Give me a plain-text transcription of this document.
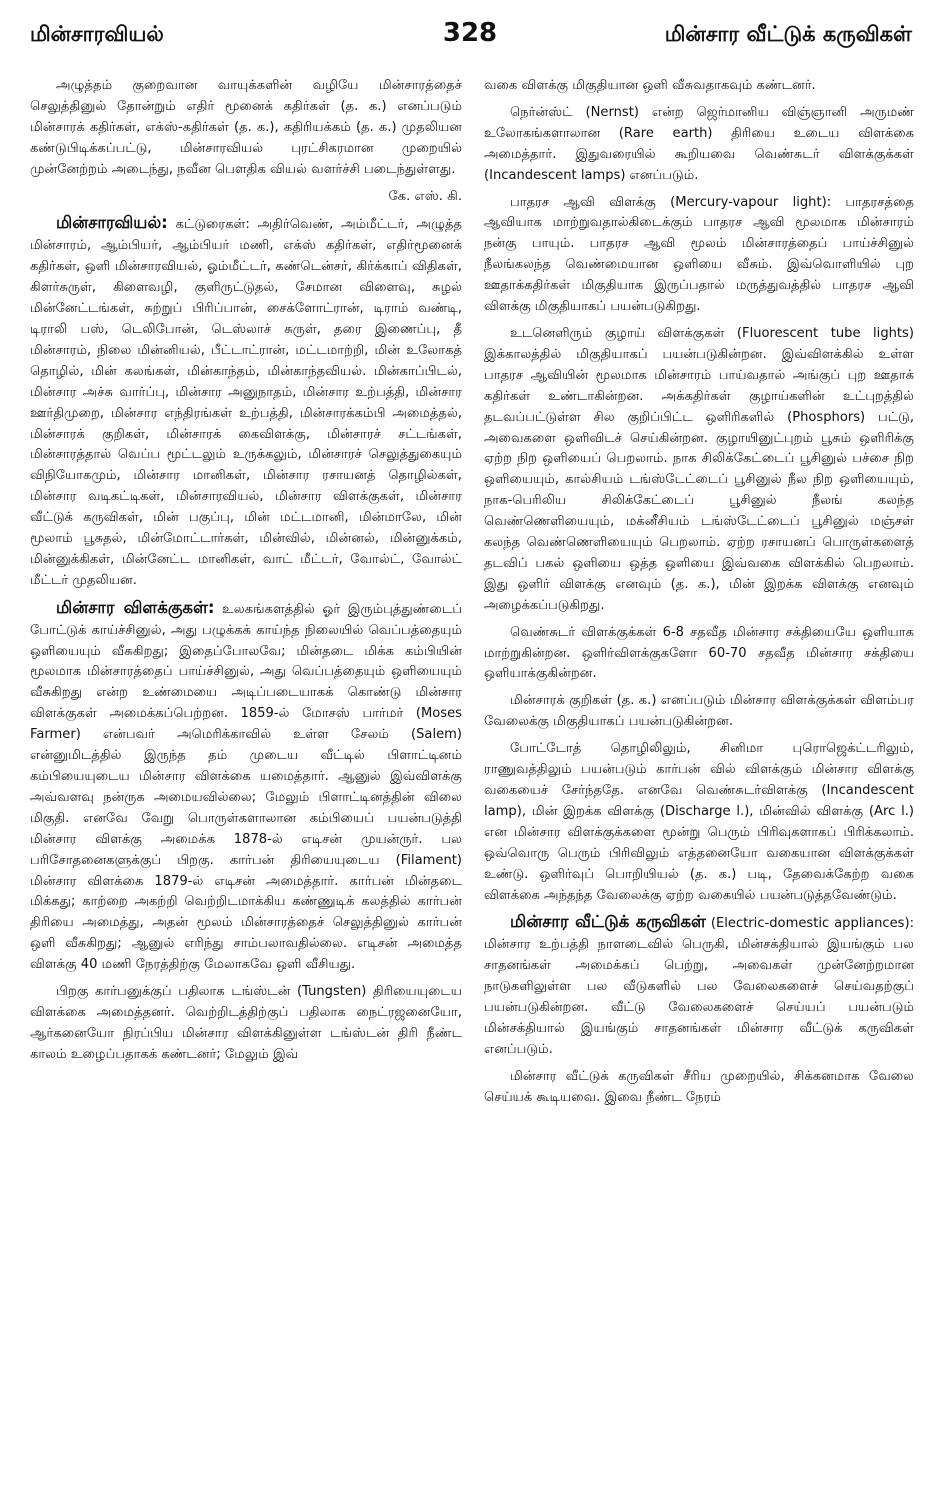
மின்சாரவியல்	328	மின்சார வீட்டுக் கருவிகள்

அழுத்தம் குறைவான வாயுக்களின் வழியே மின்சாரத்தைச் செலுத்தினுல் தோன்றும் எதிர் மூனைக் கதிர்கள் (த. க.) எனப்படும் மின்சாரக் கதிர்கள், எக்ஸ்-கதிர்கள் (த. க.), கதிரியக்கம் (த. க.) முதலியன கண்டுபிடிக்கப்பட்டு, மின்சாரவியல் புரட்சிகரமான முறையில் முன்னேற்றம் அடைந்து, நவீன பௌதிக வியல் வளர்ச்சி படைந்துள்ளது.

கே. எஸ். கி.

மின்சாரவியல்: கட்டுரைகள்: அதிர்வெண், அம்மீட்டர், அழுத்த மின்சாரம், ஆம்பியர், ஆம்பியர் மணி, எக்ஸ் கதிர்கள், எதிர்மூனைக் கதிர்கள், ஒளி மின்சாரவியல், ஓம்மீட்டர், கண்டென்சர், கிர்க்காப் விதிகள், கிளர்சுருள், கிளைவழி, குளிருட்டுதல், சேமான விளைவு, சுழல் மின்னேட்டங்கள், சுற்றுப் பிரிப்பான், சைக்ளோட்ரான், டிராம் வண்டி, டிராலி பஸ், டெலிபோன், டெஸ்லாச் சுருள், தரை இணைப்பு, தீ மின்சாரம், நிலை மின்னியல், பீட்டாட்ரான், மட்டமாற்றி, மின் உலோகத் தொழில், மின் கலங்கள், மின்காந்தம், மின்காந்தவியல். மின்காப்பிடல், மின்சார அச்சு வார்ப்பு, மின்சார அனுநாதம், மின்சார உற்பத்தி, மின்சார ஊர்திமுறை, மின்சார எந்திரங்கள் உற்பத்தி, மின்சாரக்கம்பி அமைத்தல், மின்சாரக் குறிகள், மின்சாரக் கைவிளக்கு, மின்சாரச் சட்டங்கள், மின்சாரத்தால் வெப்ப மூட்டலும் உருக்கலும், மின்சாரச் செலுத்துகையும் விநியோகமும், மின்சார மானிகள், மின்சார ரசாயனத் தொழில்கள், மின்சார வடிகட்டிகள், மின்சாரவியல், மின்சார விளக்குகள், மின்சார வீட்டுக் கருவிகள், மின் பகுப்பு, மின் மட்டமானி, மின்மாலே, மின் மூலாம் பூசுதல், மின்மோட்டார்கள், மின்வில், மின்னல், மின்னுக்கம், மின்னுக்கிகள், மின்னேட்ட மானிகள், வாட் மீட்டர், வோல்ட், வோல்ட் மீட்டர் முதலியன.

மின்சார விளக்குகள்: உலகங்களத்தில் ஓர் இரும்புத்துண்டைப் போட்டுக் காய்ச்சினுல், அது பழுக்கக் காய்ந்த நிலையில் வெப்பத்தையும் ஒளியையும் வீசுகிறது; இதைப்போலவே; மின்தடை மிக்க கம்பியின் மூலமாக மின்சாரத்தைப் பாய்ச்சினுல், அது வெப்பத்தையும் ஒளியையும் வீசுகிறது என்ற உண்மையை அடிப்படையாகக் கொண்டு மின்சார விளக்குகள் அமைக்கப்பெற்றன. 1859-ல் மோசஸ் பார்மர் (Moses Farmer) என்பவர் அமெரிக்காவில் உள்ள சேலம் (Salem) என்னுமிடத்தில் இருந்த தம் முடைய வீட்டில் பிளாட்டினம் கம்பியையுடைய மின்சார விளக்கை யமைத்தார். ஆனுல் இவ்விளக்கு அவ்வளவு நன்ருக அமையவில்லை; மேலும் பிளாட்டினத்தின் விலை மிகுதி. எனவே வேறு பொருள்களாலான கம்பியைப் பயன்படுத்தி மின்சார விளக்கு அமைக்க 1878-ல் எடிசன் முயன்ருர். பல பரிசோதனைகளுக்குப் பிறகு. கார்பன் திரியையுடைய (Filament) மின்சார விளக்கை 1879-ல் எடிசன் அமைத்தார். கார்பன் மின்தடை மிக்கது; காற்றை அகற்றி வெற்றிடமாக்கிய கண்ணுடிக் கலத்தில் கார்பன் திரியை அமைத்து, அதன் மூலம் மின்சாரத்தைச் செலுத்தினுல் கார்பன் ஒளி வீசுகிறது; ஆனுல் எரிந்து சாம்பலாவதில்லை. எடிசன் அமைத்த விளக்கு 40 மணி நேரத்திற்கு மேலாகவே ஒளி வீசியது.

பிறகு கார்பனுக்குப் பதிலாக டங்ஸ்டன் (Tungsten) திரியையுடைய விளக்கை அமைத்தனர். வெற்றிடத்திற்குப் பதிலாக நைட்ரஜனையோ, ஆர்கனையோ நிரப்பிய மின்சார விளக்கினுள்ள டங்ஸ்டன் திரி நீண்ட காலம் உழைப்பதாகக் கண்டனர்; மேலும் இவ்

வகை விளக்கு மிகுதியான ஒளி வீசுவதாகவும் கண்டனர்.

நெர்ன்ஸ்ட் (Nernst) என்ற ஜெர்மானிய விஞ்ஞானி அருமண் உலோகங்களாலான (Rare earth) திரியை உடைய விளக்கை அமைத்தார். இதுவரையில் கூறியவை வெண்சுடர் விளக்குக்கள் (Incandescent lamps) எனப்படும்.

பாதரச ஆவி விளக்கு (Mercury-vapour light): பாதரசத்தை ஆவியாக மாற்றுவதால்கிடைக்கும் பாதரச ஆவி மூலமாக மின்சாரம் நன்கு பாயும். பாதரச ஆவி மூலம் மின்சாரத்தைப் பாய்ச்சினுல் நீலங்கலந்த வெண்மையான ஒளியை வீசும். இவ்வொளியில் புற ஊதாக்கதிர்கள் மிகுதியாக இருப்பதால் மருத்துவத்தில் பாதரச ஆவி விளக்கு மிகுதியாகப் பயன்படுகிறது.

உடனெளிரும் குழாய் விளக்குகள் (Fluorescent tube lights) இக்காலத்தில் மிகுதியாகப் பயன்படுகின்றன. இவ்விளக்கில் உள்ள பாதரச ஆவியின் மூலமாக மின்சாரம் பாய்வதால் அங்குப் புற ஊதாக் கதிர்கள் உண்டாகின்றன. அக்கதிர்கள் குழாய்களின் உட்புறத்தில் தடவப்பட்டுள்ள சில குறிப்பிட்ட ஒளிரிகளில் (Phosphors) பட்டு, அவைகளை ஒளிவிடச் செய்கின்றன. குழாயினுட்புறம் பூசும் ஒளிரிக்கு ஏற்ற நிற ஒளியைப் பெறலாம். நாக சிலிக்கேட்டைப் பூசினுல் பச்சை நிற ஒளியையும், கால்சியம் டங்ஸ்டேட்டைப் பூசினுல் நீல நிற ஒளியையும், நாக-பெரிலிய சிலிக்கேட்டைப் பூசினுல் நீலங் கலந்த வெண்ணெளியையும், மக்னீசியம் டங்ஸ்டேட்டைப் பூசினுல் மஞ்சள் கலந்த வெண்ணெளியையும் பெறலாம். ஏற்ற ரசாயனப் பொருள்களைத் தடவிப் பகல் ஒளியை ஒத்த ஒளியை இவ்வகை விளக்கில் பெறலாம். இது ஒளிர் விளக்கு எனவும் (த. க.), மின் இறக்க விளக்கு எனவும் அழைக்கப்படுகிறது.

வெண்சுடர் விளக்குக்கள் 6-8 சதவீத மின்சார சக்தியையே ஒளியாக மாற்றுகின்றன. ஒளிர்விளக்குகளோ 60-70 சதவீத மின்சார சக்தியை ஒளியாக்குகின்றன.

மின்சாரக் குறிகள் (த. க.) எனப்படும் மின்சார விளக்குக்கள் விளம்பர வேலைக்கு மிகுதியாகப் பயன்படுகின்றன.

போட்டோத் தொழிலிலும், சினிமா புரொஜெக்ட்டரிலும், ராணுவத்திலும் பயன்படும் கார்பன் வில் விளக்கும் மின்சார விளக்கு வகையைச் சேர்ந்ததே. எனவே வெண்சுடர்விளக்கு (Incandescent lamp), மின் இறக்க விளக்கு (Discharge l.), மின்வில் விளக்கு (Arc l.) என மின்சார விளக்குக்களை மூன்று பெரும் பிரிவுகளாகப் பிரிக்கலாம். ஒவ்வொரு பெரும் பிரிவிலும் எத்தனையோ வகையான விளக்குக்கள் உண்டு. ஒளிர்வுப் பொறியியல் (த. க.) படி, தேவைக்கேற்ற வகை விளக்கை அந்தந்த வேலைக்கு ஏற்ற வகையில் பயன்படுத்தவேண்டும்.

மின்சார வீட்டுக் கருவிகள் (Electric-domestic appliances): மின்சார உற்பத்தி நாளடைவில் பெருகி, மின்சக்தியால் இயங்கும் பல சாதனங்கள் அமைக்கப் பெற்று, அவைகள் முன்னேற்றமான நாடுகளிலுள்ள பல வீடுகளில் பல வேலைகளைச் செய்வதற்குப் பயன்படுகின்றன. வீட்டு வேலைகளைச் செய்யப் பயன்படும் மின்சக்தியால் இயங்கும் சாதனங்கள் மின்சார வீட்டுக் கருவிகள் எனப்படும்.

மின்சார வீட்டுக் கருவிகள் சீரிய முறையில், சிக்கனமாக வேலை செய்யக் கூடியவை. இவை நீண்ட நேரம்
